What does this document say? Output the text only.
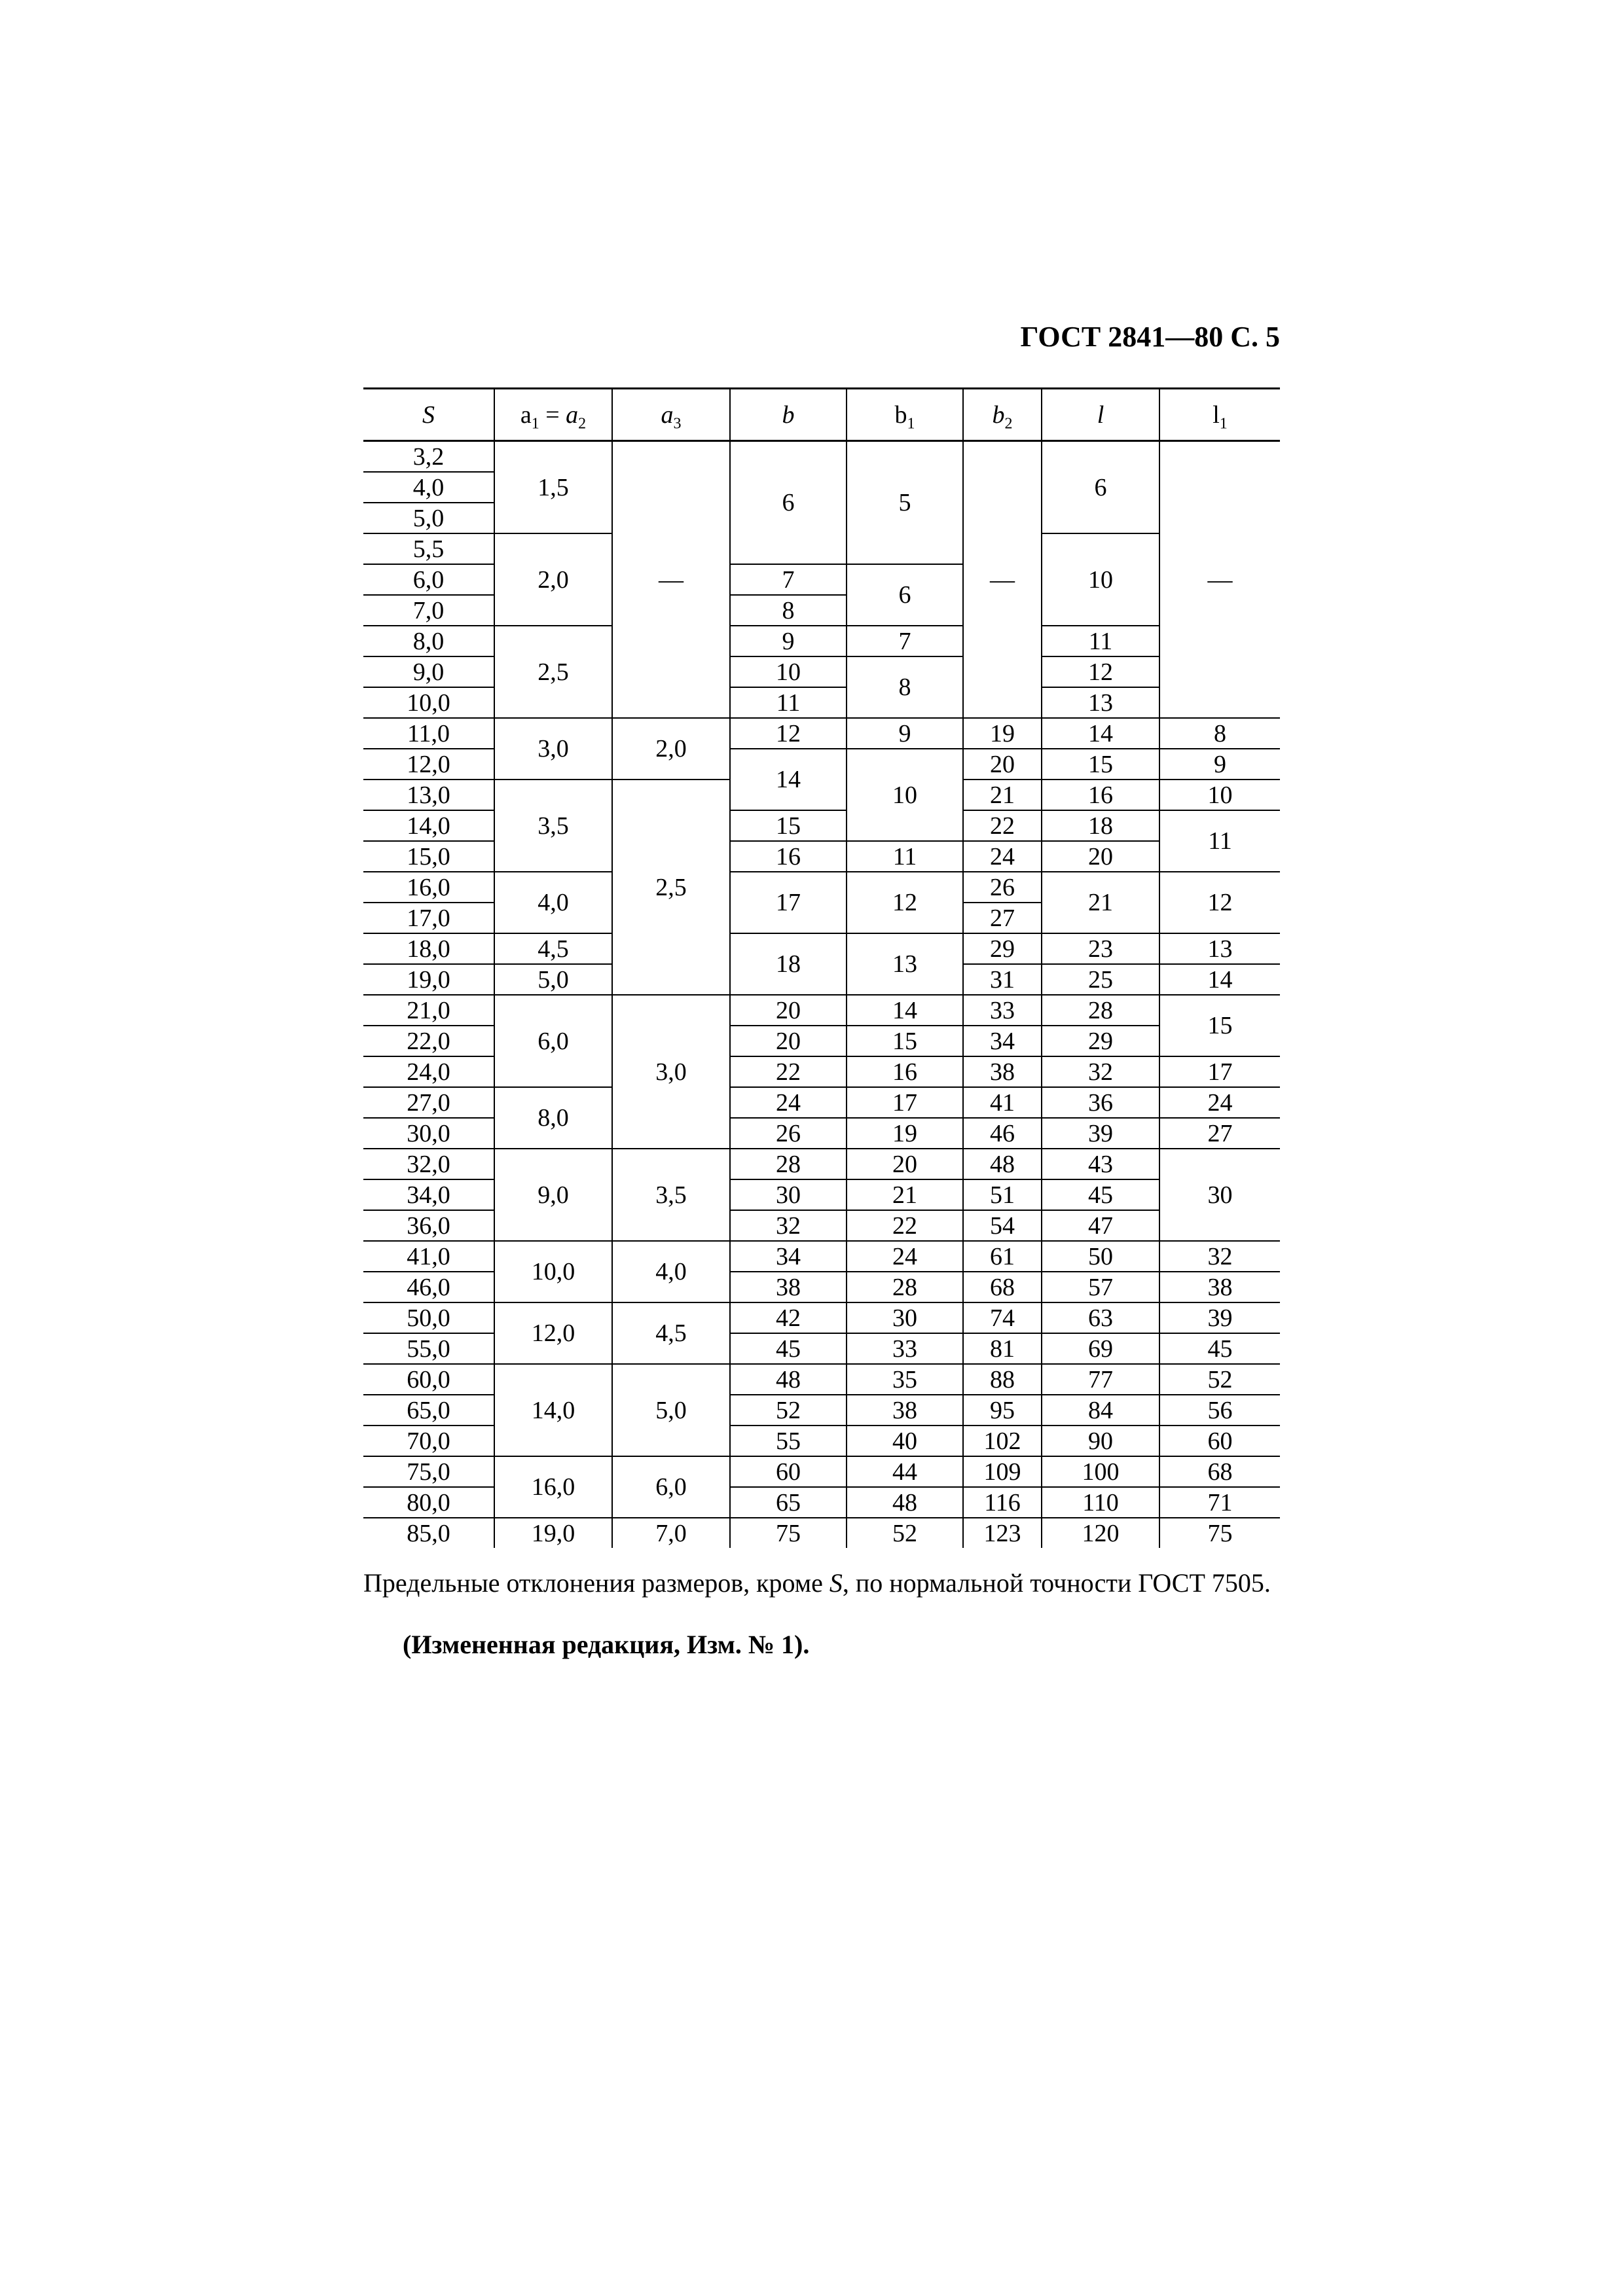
ГОСТ 2841—80 С. 5
S	$a_1 = a_2$	$a_3$	b	$b_1$	$b_2$	l	$l_1$
3,2	1,5	—	6	5	—	6	—
4,0							
5,0							
5,5	2,0					10	
6,0			7	6			
7,0			8				
8,0	2,5		9	7		11	
9,0			10	8		12	
10,0			11			13	
11,0	3,0	2,0	12	9	19	14	8
12,0			14	10	20	15	9
13,0	3,5	2,5			21	16	10
14,0			15		22	18	11
15,0			16	11	24	20	
16,0	4,0		17	12	26	21	12
17,0					27		
18,0	4,5		18	13	29	23	13
19,0	5,0				31	25	14
21,0	6,0	3,0	20	14	33	28	15
22,0			20	15	34	29	
24,0			22	16	38	32	17
27,0	8,0		24	17	41	36	24
30,0			26	19	46	39	27
32,0	9,0	3,5	28	20	48	43	30
34,0			30	21	51	45	
36,0			32	22	54	47	
41,0	10,0	4,0	34	24	61	50	32
46,0			38	28	68	57	38
50,0	12,0	4,5	42	30	74	63	39
55,0			45	33	81	69	45
60,0	14,0	5,0	48	35	88	77	52
65,0			52	38	95	84	56
70,0			55	40	102	90	60
75,0	16,0	6,0	60	44	109	100	68
80,0			65	48	116	110	71
85,0	19,0	7,0	75	52	123	120	75
Предельные отклонения размеров, кроме S, по нормальной точности ГОСТ 7505.
(Измененная редакция, Изм. № 1).
